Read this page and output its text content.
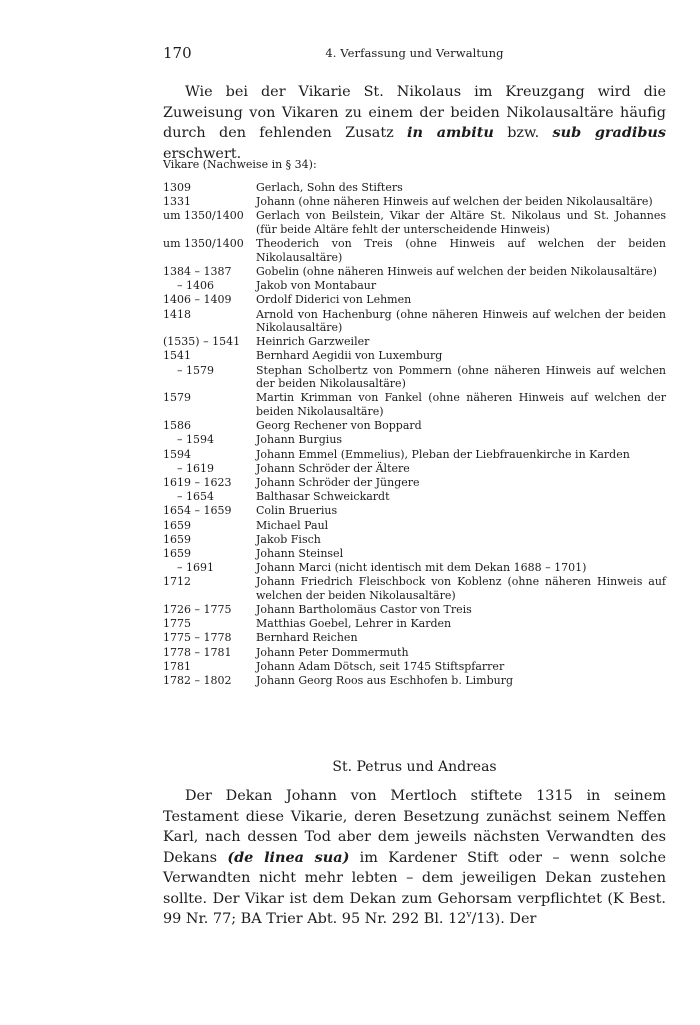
170	4. Verfassung und Verwaltung

Wie bei der Vikarie St. Nikolaus im Kreuzgang wird die Zuweisung von Vikaren zu einem der beiden Nikolausaltäre häufig durch den fehlenden Zusatz in ambitu bzw. sub gradibus erschwert.

Vikare (Nachweise in § 34):
1309	Gerlach, Sohn des Stifters
1331	Johann (ohne näheren Hinweis auf welchen der beiden Nikolausaltäre)
um 1350/1400	Gerlach von Beilstein, Vikar der Altäre St. Nikolaus und St. Johannes (für beide Altäre fehlt der unterscheidende Hinweis)
um 1350/1400	Theoderich von Treis (ohne Hinweis auf welchen der beiden Nikolausaltäre)
1384 – 1387	Gobelin (ohne näheren Hinweis auf welchen der beiden Nikolausaltäre)
– 1406	Jakob von Montabaur
1406 – 1409	Ordolf Diderici von Lehmen
1418	Arnold von Hachenburg (ohne näheren Hinweis auf welchen der beiden Nikolausaltäre)
(1535) – 1541	Heinrich Garzweiler
1541	Bernhard Aegidii von Luxemburg
– 1579	Stephan Scholbertz von Pommern (ohne näheren Hinweis auf welchen der beiden Nikolausaltäre)
1579	Martin Krimman von Fankel (ohne näheren Hinweis auf welchen der beiden Nikolausaltäre)
1586	Georg Rechener von Boppard
– 1594	Johann Burgius
1594	Johann Emmel (Emmelius), Pleban der Liebfrauenkirche in Karden
– 1619	Johann Schröder der Ältere
1619 – 1623	Johann Schröder der Jüngere
– 1654	Balthasar Schweickardt
1654 – 1659	Colin Bruerius
1659	Michael Paul
1659	Jakob Fisch
1659	Johann Steinsel
– 1691	Johann Marci (nicht identisch mit dem Dekan 1688 – 1701)
1712	Johann Friedrich Fleischbock von Koblenz (ohne näheren Hinweis auf welchen der beiden Nikolausaltäre)
1726 – 1775	Johann Bartholomäus Castor von Treis
1775	Matthias Goebel, Lehrer in Karden
1775 – 1778	Bernhard Reichen
1778 – 1781	Johann Peter Dommermuth
1781	Johann Adam Dötsch, seit 1745 Stiftspfarrer
1782 – 1802	Johann Georg Roos aus Eschhofen b. Limburg
St. Petrus und Andreas

Der Dekan Johann von Mertloch stiftete 1315 in seinem Testament diese Vikarie, deren Besetzung zunächst seinem Neffen Karl, nach dessen Tod aber dem jeweils nächsten Verwandten des Dekans (de linea sua) im Kardener Stift oder – wenn solche Verwandten nicht mehr lebten – dem jeweiligen Dekan zustehen sollte. Der Vikar ist dem Dekan zum Gehorsam verpflichtet (K Best. 99 Nr. 77; BA Trier Abt. 95 Nr. 292 Bl. 12$^v$/13). Der
